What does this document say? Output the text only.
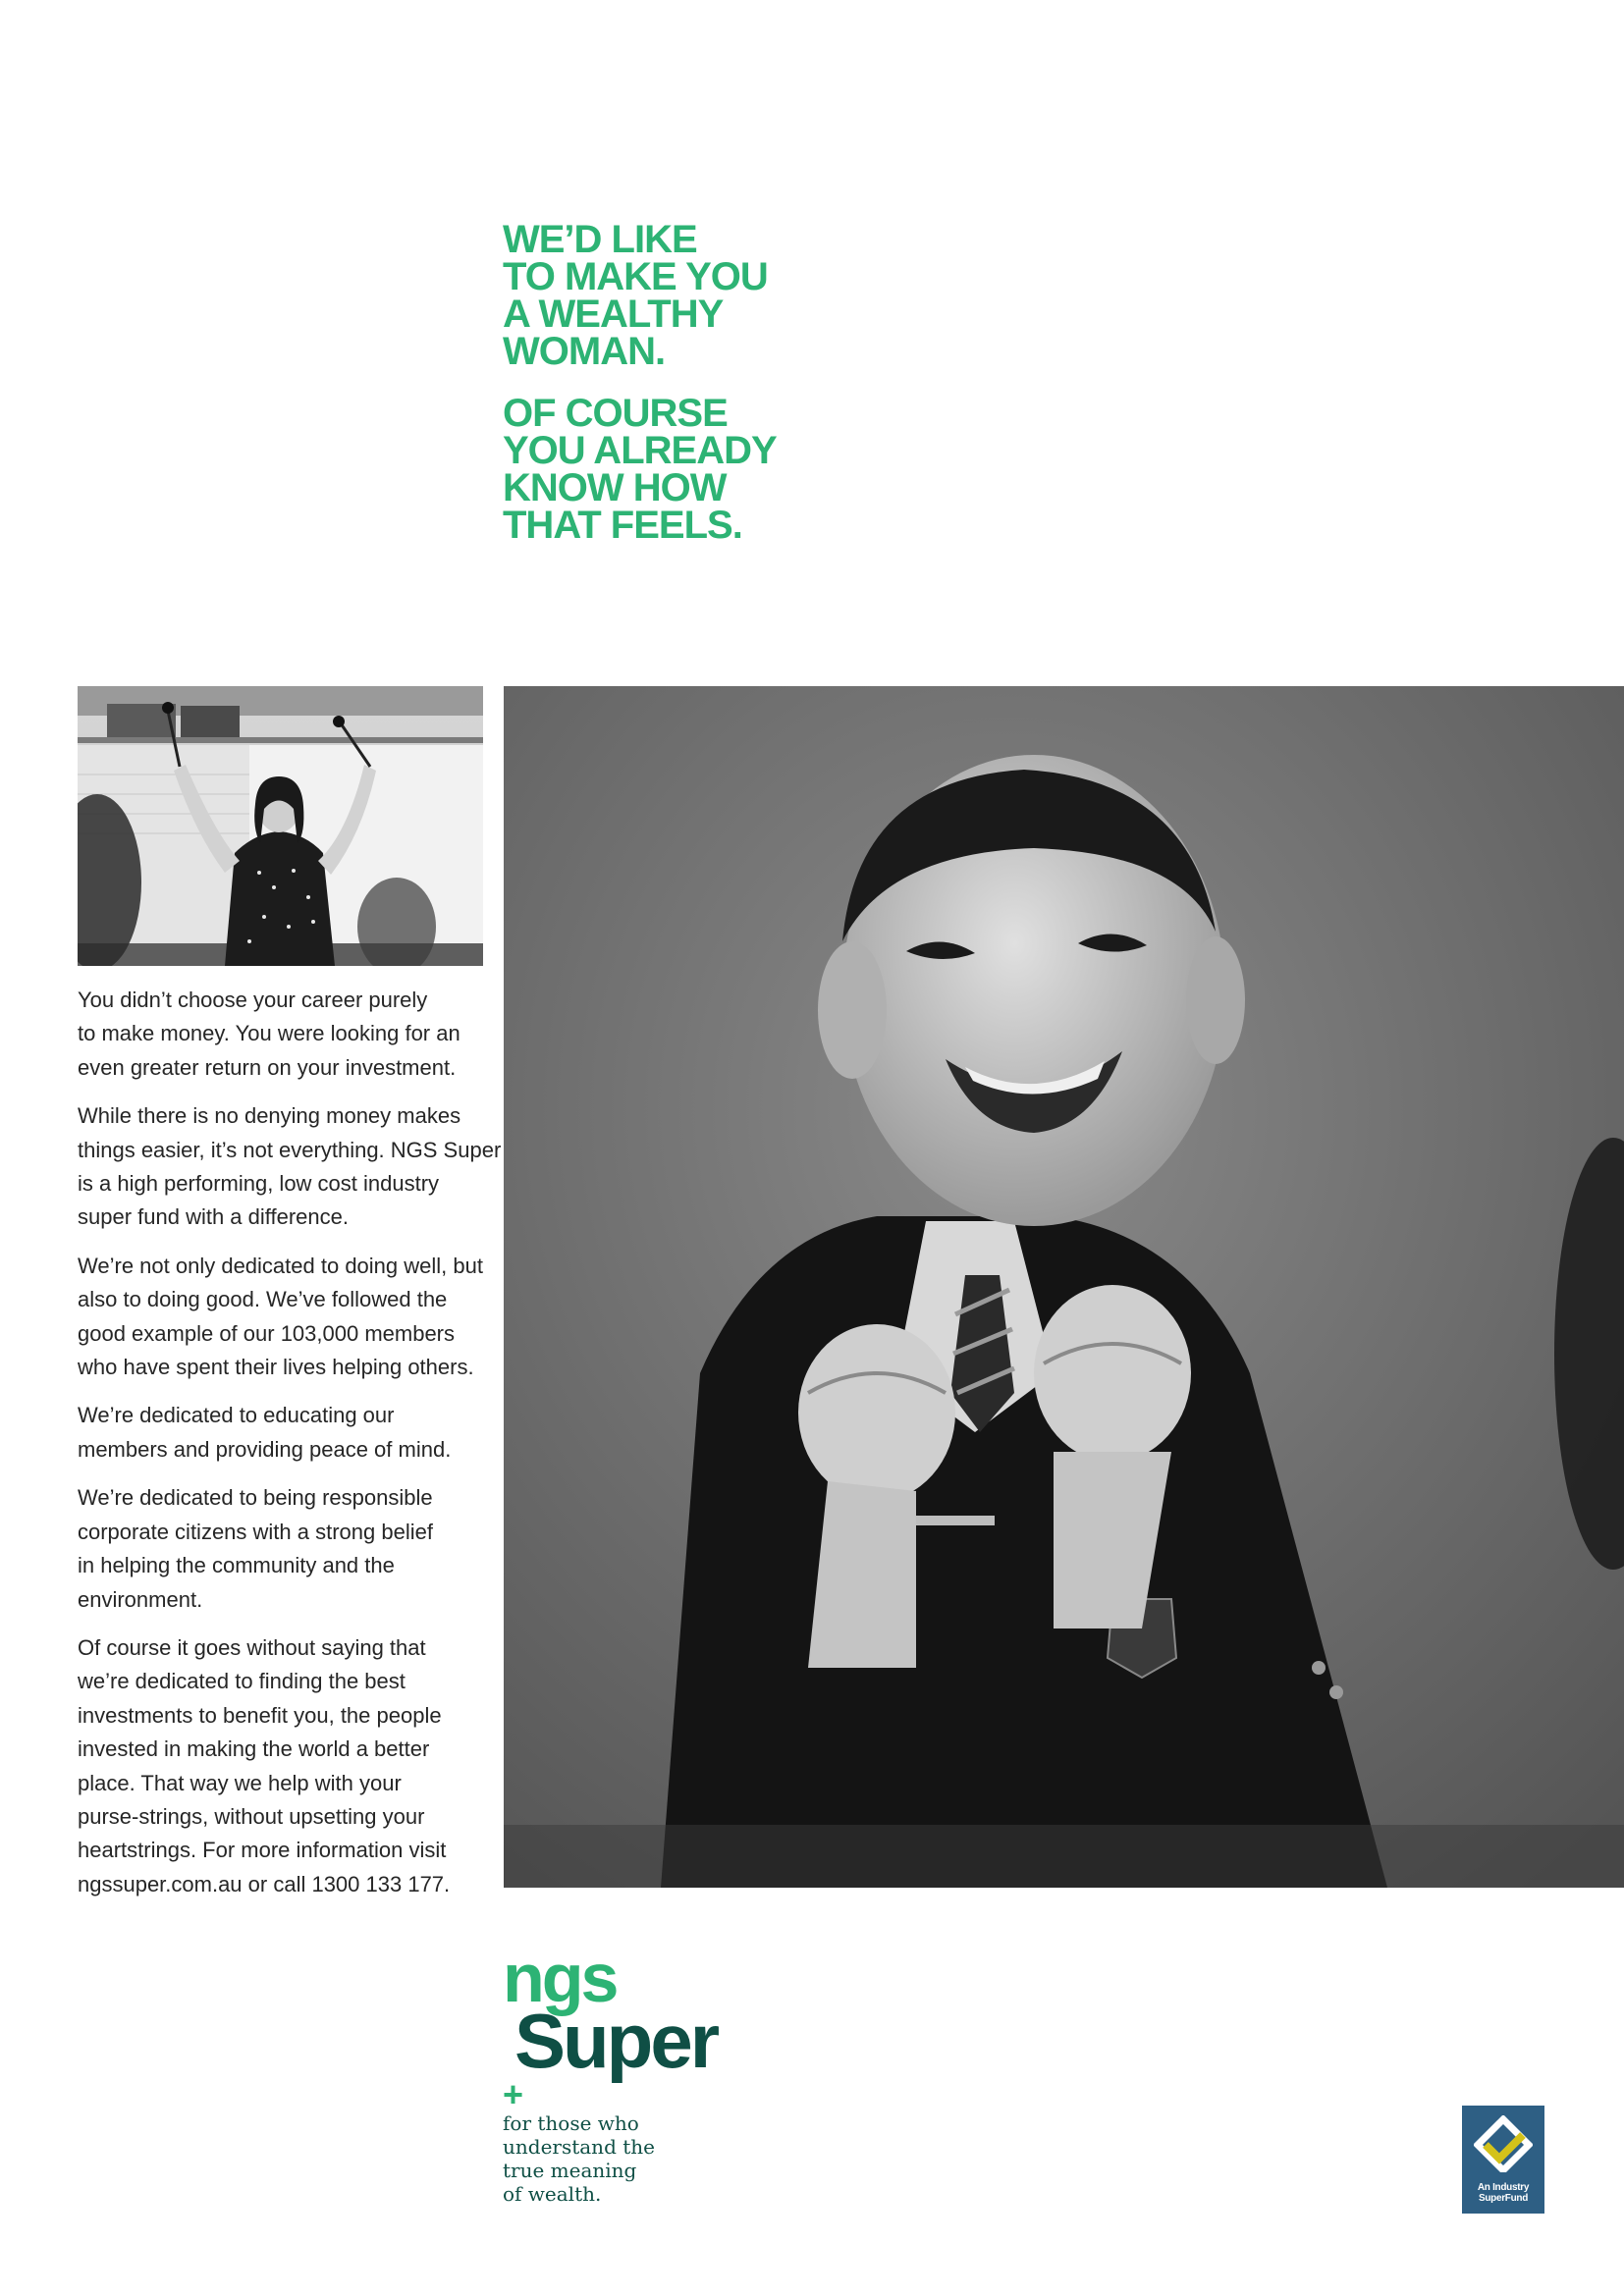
WE’D LIKE
TO MAKE YOU
A WEALTHY
WOMAN.
OF COURSE
YOU ALREADY
KNOW HOW
THAT FEELS.

You didn’t choose your career purely
to make money. You were looking for an
even greater return on your investment.

While there is no denying money makes
things easier, it’s not everything. NGS Super
is a high performing, low cost industry
super fund with a difference.

We’re not only dedicated to doing well, but
also to doing good. We’ve followed the
good example of our 103,000 members
who have spent their lives helping others.

We’re dedicated to educating our
members and providing peace of mind.

We’re dedicated to being responsible
corporate citizens with a strong belief
in helping the community and the
environment.

Of course it goes without saying that
we’re dedicated to finding the best
investments to benefit you, the people
invested in making the world a better
place. That way we help with your
purse-strings, without upsetting your
heartstrings. For more information visit
ngssuper.com.au or call 1300 133 177.

ngs
Super
+
for those who
understand the
true meaning
of wealth.	An Industry
SuperFund
